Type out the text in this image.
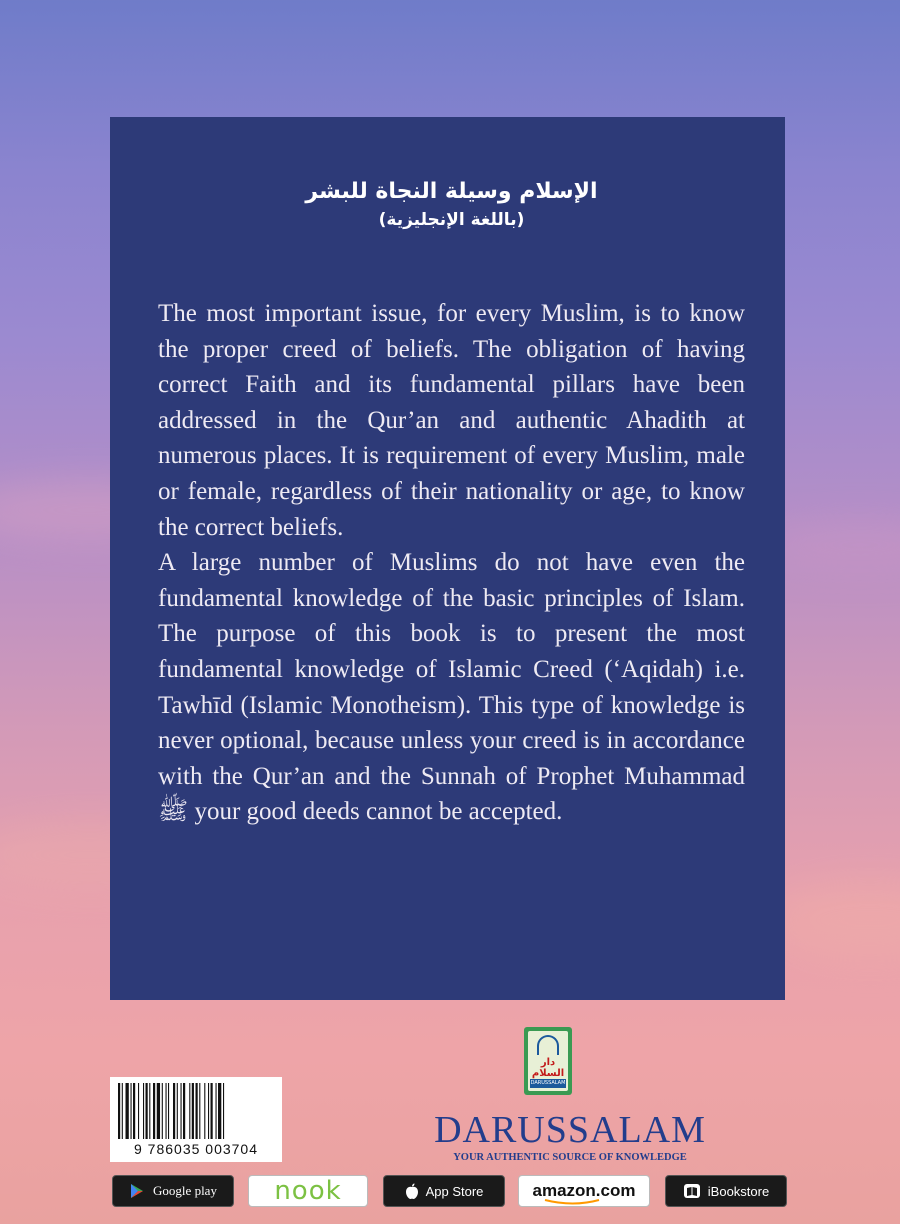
الإسلام وسيلة النجاة للبشر
(باللغة الإنجليزية)

The most important issue, for every Muslim, is to know the proper creed of beliefs. The obligation of having correct Faith and its fundamental pillars have been addressed in the Qur’an and authentic Ahadith at numerous places. It is requirement of every Muslim, male or female, regardless of their nationality or age, to know the correct beliefs.

A large number of Muslims do not have even the fundamental knowledge of the basic principles of Islam. The purpose of this book is to present the most fundamental knowledge of Islamic Creed (‘Aqidah) i.e. Tawhīd (Islamic Monotheism). This type of knowledge is never optional, because unless your creed is in accordance with the Qur’an and the Sunnah of Prophet Muhammad ﷺ your good deeds cannot be accepted.

دار السلام
DARUSSALAM
DARUSSALAM
YOUR AUTHENTIC SOURCE OF KNOWLEDGE
9 786035 003704
Google play nook	App Store	amazon.com	iBookstore
